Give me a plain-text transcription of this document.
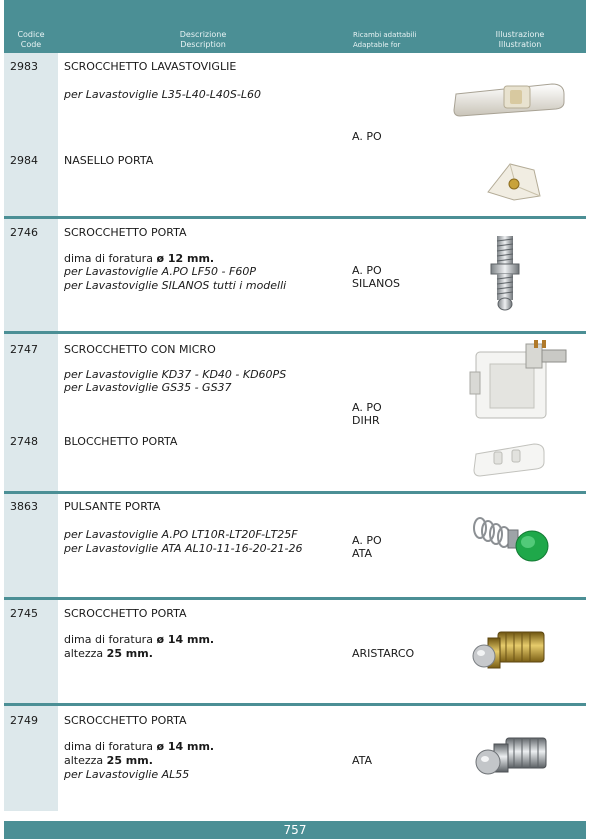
Codice
Code
Descrizione
Description
Ricambi adattabili
Adaptable for
Illustrazione
Illustration
2983 SCROCCHETTO LAVASTOVIGLIE
per Lavastoviglie L35-L40-L40S-L60
A. PO
2984 NASELLO PORTA
2746 SCROCCHETTO PORTA
dima di foratura ø 12 mm.
per Lavastoviglie A.PO LF50 - F60P
per Lavastoviglie SILANOS tutti i modelli
A. PO
SILANOS
2747 SCROCCHETTO CON MICRO
per Lavastoviglie KD37 - KD40 - KD60PS
per Lavastoviglie GS35 - GS37
A. PO
DIHR
2748 BLOCCHETTO PORTA
3863 PULSANTE PORTA
per Lavastoviglie A.PO LT10R-LT20F-LT25F
per Lavastoviglie ATA AL10-11-16-20-21-26
A. PO
ATA
2745 SCROCCHETTO PORTA
dima di foratura ø 14 mm.
altezza 25 mm.	ARISTARCO
2749 SCROCCHETTO PORTA
dima di foratura ø 14 mm.
altezza 25 mm.
per Lavastoviglie AL55
ATA
757
